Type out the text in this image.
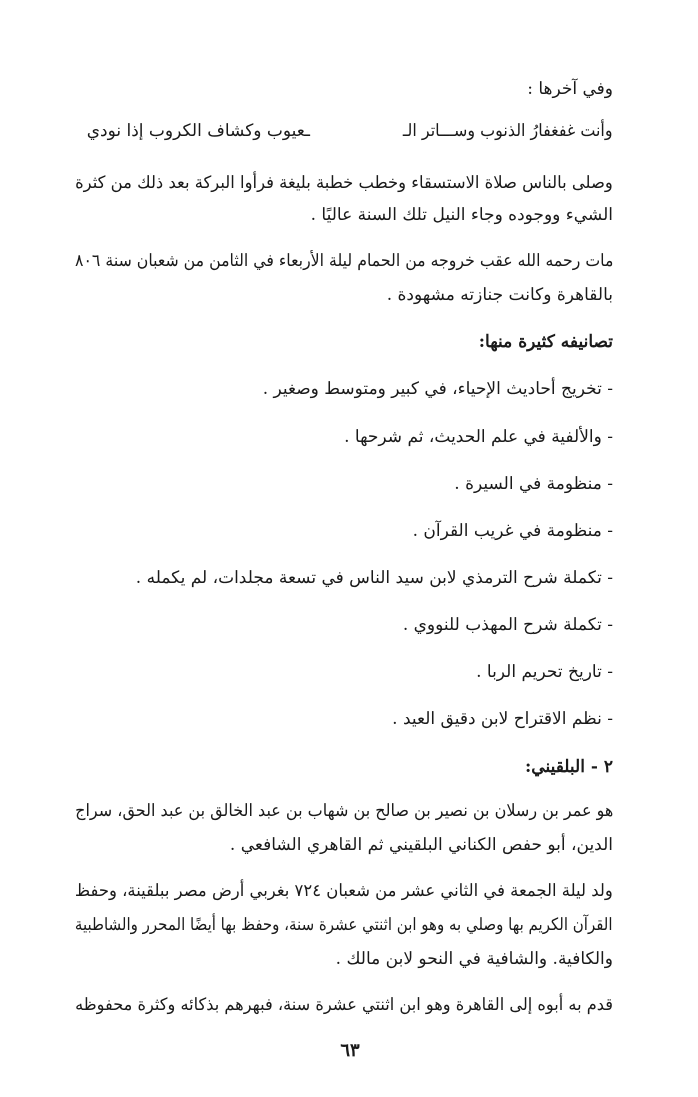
وفي آخرها :
وأنت غفغفارُ الذنوب وســـاتر الـ
ـعيوب وكشاف الكروب إذا نودي
وصلى بالناس صلاة الاستسقاء وخطب خطبة بليغة فرأوا البركة بعد ذلك من كثرة
الشيء ووجوده وجاء النيل تلك السنة عاليًا .
مات رحمه الله عقب خروجه من الحمام ليلة الأربعاء في الثامن من شعبان سنة ٨٠٦
بالقاهرة وكانت جنازته مشهودة .
تصانيفه كثيرة منها:
- تخريج أحاديث الإحياء، في كبير ومتوسط وصغير .
- والألفية في علم الحديث، ثم شرحها .
- منظومة في السيرة .
- منظومة في غريب القرآن .
- تكملة شرح الترمذي لابن سيد الناس في تسعة مجلدات، لم يكمله .
- تكملة شرح المهذب للنووي .
- تاريخ تحريم الربا .
- نظم الاقتراح لابن دقيق العيد .
٢ - البلقيني:
هو عمر بن رسلان بن نصير بن صالح بن شهاب بن عبد الخالق بن عبد الحق، سراج
الدين، أبو حفص الكناني البلقيني ثم القاهري الشافعي .
ولد ليلة الجمعة في الثاني عشر من شعبان ٧٢٤ بغربي أرض مصر ببلقينة، وحفظ
القرآن الكريم بها وصلي به وهو ابن اثنتي عشرة سنة، وحفظ بها أيضًا المحرر والشاطبية
والكافية. والشافية في النحو لابن مالك .
قدم به أبوه إلى القاهرة وهو ابن اثنتي عشرة سنة، فبهرهم بذكائه وكثرة محفوظه
٦٣
